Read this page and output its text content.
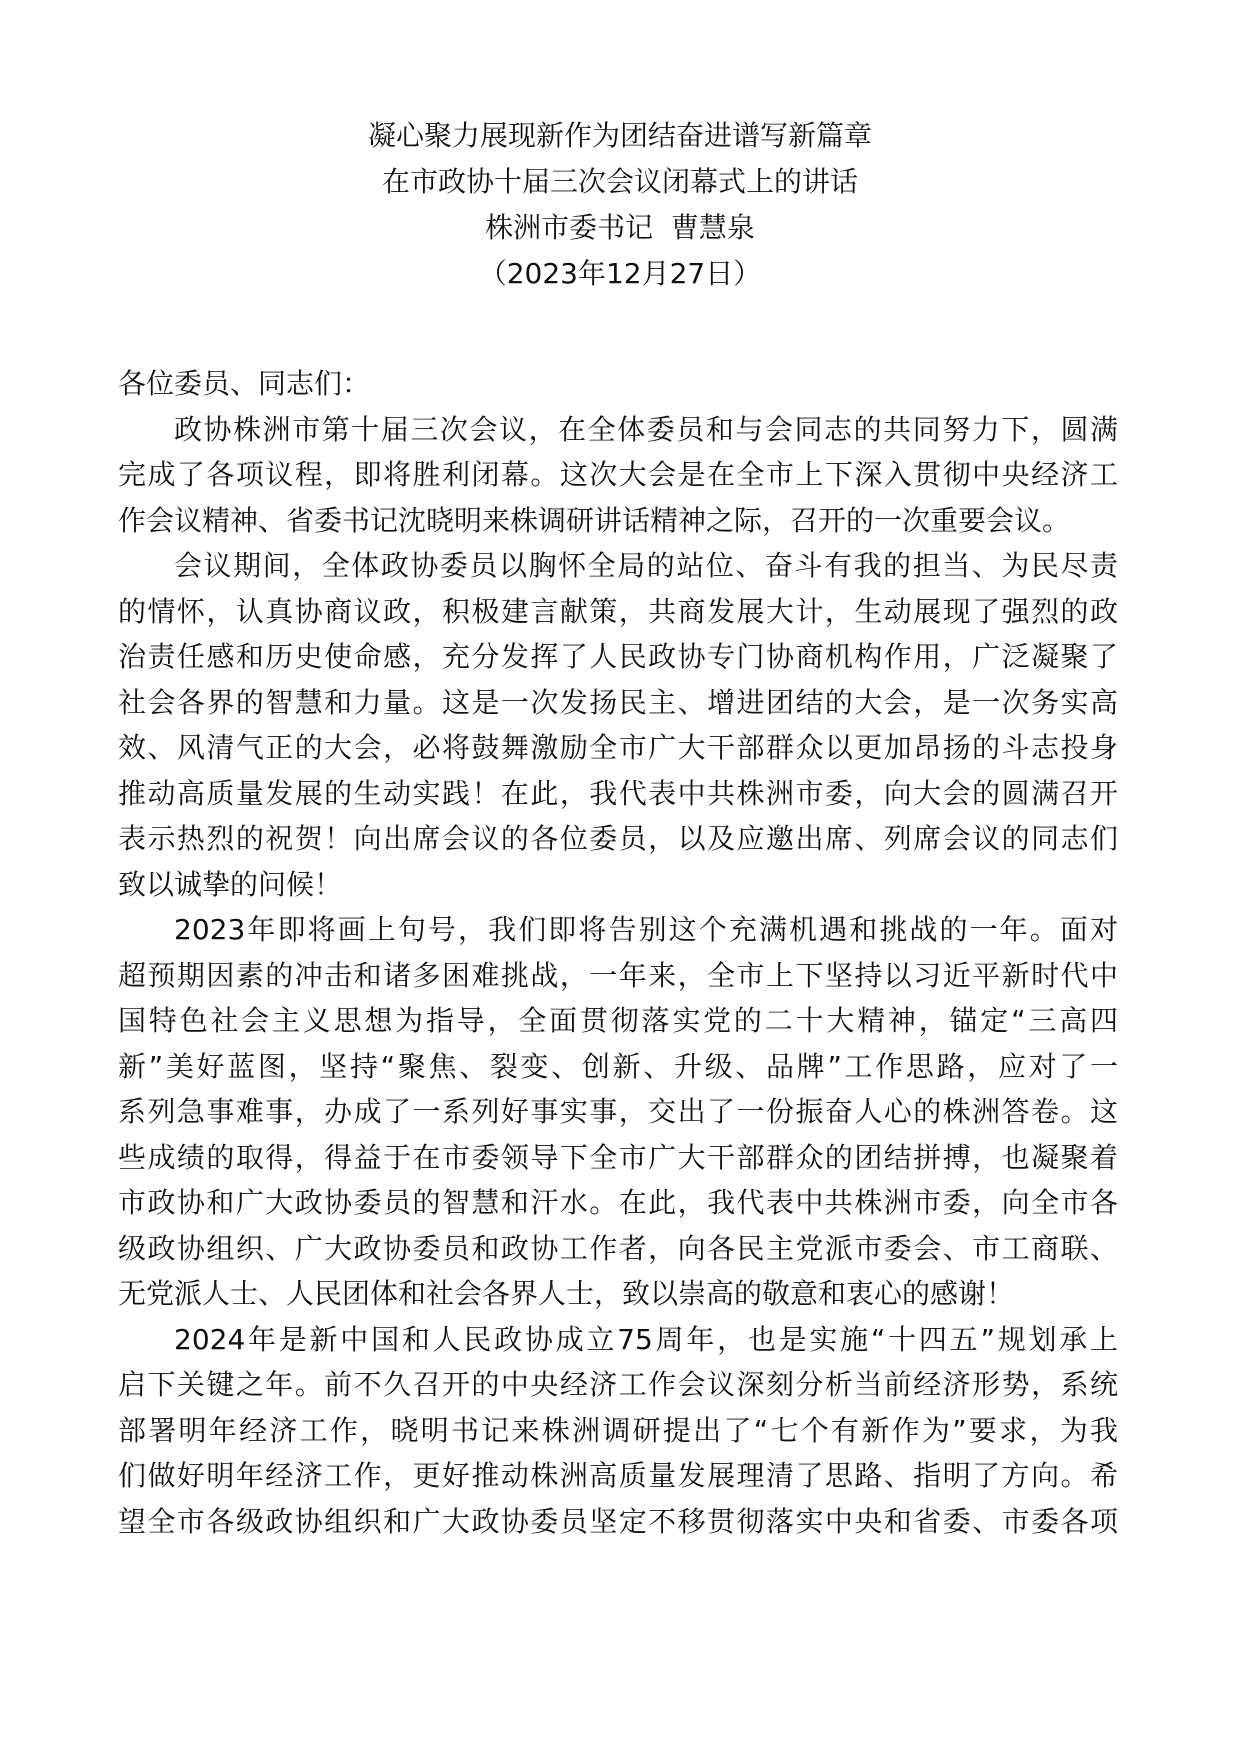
凝心聚力展现新作为团结奋进谱写新篇章
在市政协十届三次会议闭幕式上的讲话
株洲市委书记  曹慧泉
（2023年12月27日）
各位委员、同志们：
政协株洲市第十届三次会议，在全体委员和与会同志的共同努力下，圆满
完成了各项议程，即将胜利闭幕。这次大会是在全市上下深入贯彻中央经济工
作会议精神、省委书记沈晓明来株调研讲话精神之际，召开的一次重要会议。
会议期间，全体政协委员以胸怀全局的站位、奋斗有我的担当、为民尽责
的情怀，认真协商议政，积极建言献策，共商发展大计，生动展现了强烈的政
治责任感和历史使命感，充分发挥了人民政协专门协商机构作用，广泛凝聚了
社会各界的智慧和力量。这是一次发扬民主、增进团结的大会，是一次务实高
效、风清气正的大会，必将鼓舞激励全市广大干部群众以更加昂扬的斗志投身
推动高质量发展的生动实践！在此，我代表中共株洲市委，向大会的圆满召开
表示热烈的祝贺！向出席会议的各位委员，以及应邀出席、列席会议的同志们
致以诚挚的问候！
2023年即将画上句号，我们即将告别这个充满机遇和挑战的一年。面对
超预期因素的冲击和诸多困难挑战，一年来，全市上下坚持以习近平新时代中
国特色社会主义思想为指导，全面贯彻落实党的二十大精神，锚定“三高四
新”美好蓝图，坚持“聚焦、裂变、创新、升级、品牌”工作思路，应对了一
系列急事难事，办成了一系列好事实事，交出了一份振奋人心的株洲答卷。这
些成绩的取得，得益于在市委领导下全市广大干部群众的团结拼搏，也凝聚着
市政协和广大政协委员的智慧和汗水。在此，我代表中共株洲市委，向全市各
级政协组织、广大政协委员和政协工作者，向各民主党派市委会、市工商联、
无党派人士、人民团体和社会各界人士，致以崇高的敬意和衷心的感谢！
2024年是新中国和人民政协成立75周年，也是实施“十四五”规划承上
启下关键之年。前不久召开的中央经济工作会议深刻分析当前经济形势，系统
部署明年经济工作，晓明书记来株洲调研提出了“七个有新作为”要求，为我
们做好明年经济工作，更好推动株洲高质量发展理清了思路、指明了方向。希
望全市各级政协组织和广大政协委员坚定不移贯彻落实中央和省委、市委各项
